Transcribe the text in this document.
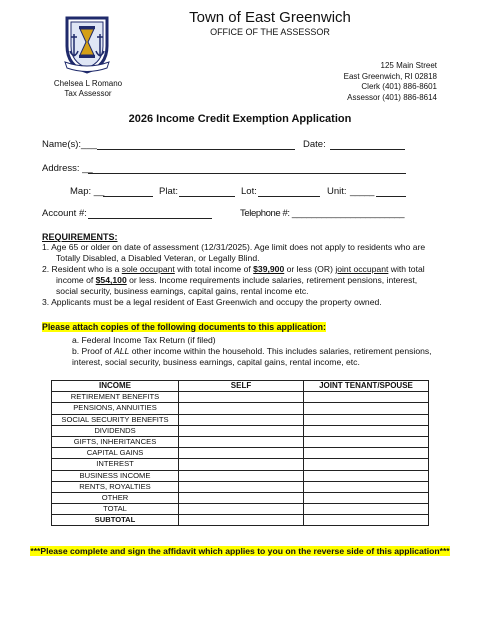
Town of East Greenwich
OFFICE OF THE ASSESSOR
Chelsea L Romano
Tax Assessor
125 Main Street
East Greenwich, RI 02818
Clerk (401) 886-8601
Assessor (401) 886-8614
2026 Income Credit Exemption Application
Name(s):___	Date:
Address: __
Map: __	Plat:	Lot:	Unit: _____
Account #:	Telephone #: _______________________
REQUIREMENTS:
1. Age 65 or older on date of assessment (12/31/2025). Age limit does not apply to residents who are
Totally Disabled, a Disabled Veteran, or Legally Blind.
2. Resident who is a sole occupant with total income of $39,900 or less (OR) joint occupant with total
income of $54,100 or less. Income requirements include salaries, retirement pensions, interest,
social security, business earnings, capital gains, rental income etc.
3. Applicants must be a legal resident of East Greenwich and occupy the property owned.
Please attach copies of the following documents to this application:
a. Federal Income Tax Return (if filed)
b. Proof of ALL other income within the household. This includes salaries, retirement pensions,
interest, social security, business earnings, capital gains, rental income, etc.
INCOME	SELF	JOINT TENANT/SPOUSE
RETIREMENT BENEFITS		
PENSIONS, ANNUITIES		
SOCIAL SECURITY BENEFITS		
DIVIDENDS		
GIFTS, INHERITANCES		
CAPITAL GAINS		
INTEREST		
BUSINESS INCOME		
RENTS, ROYALTIES		
OTHER		
TOTAL		
SUBTOTAL		
***Please complete and sign the affidavit which applies to you on the reverse side of this application***
